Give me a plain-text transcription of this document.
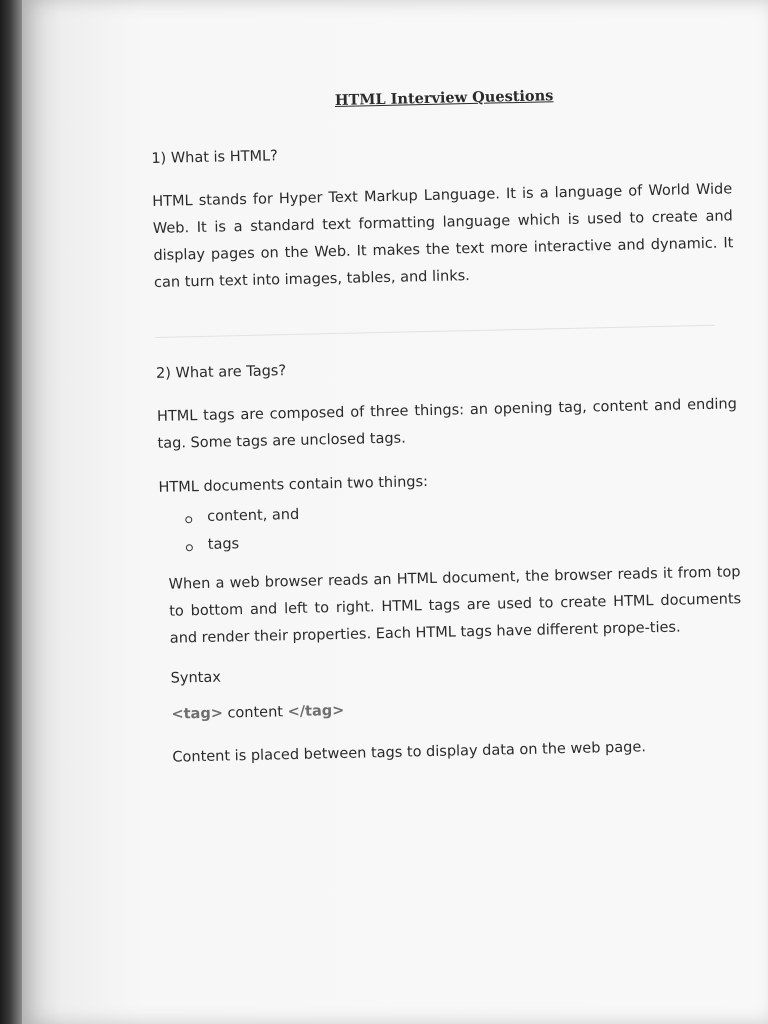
HTML Interview Questions
1) What is HTML?

HTML stands for Hyper Text Markup Language. It is a language of World Wide Web. It is a standard text formatting language which is used to create and display pages on the Web. It makes the text more interactive and dynamic. It can turn text into images, tables, and links.

2) What are Tags?

HTML tags are composed of three things: an opening tag, content and ending tag. Some tags are unclosed tags.

HTML documents contain two things:
content, and
tags

When a web browser reads an HTML document, the browser reads it from top to bottom and left to right. HTML tags are used to create HTML documents and render their properties. Each HTML tags have different prope-ties.

Syntax
<tag> content </tag>

Content is placed between tags to display data on the web page.
